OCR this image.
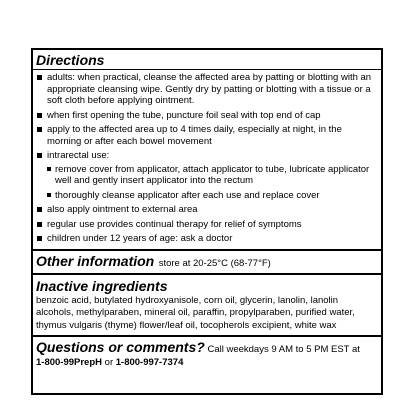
Directions
adults: when practical, cleanse the affected area by patting or blotting with an appropriate cleansing wipe. Gently dry by patting or blotting with a tissue or a soft cloth before applying ointment.
when first opening the tube, puncture foil seal with top end of cap
apply to the affected area up to 4 times daily, especially at night, in the morning or after each bowel movement
intrarectal use:
remove cover from applicator, attach applicator to tube, lubricate applicator well and gently insert applicator into the rectum
thoroughly cleanse applicator after each use and replace cover
also apply ointment to external area
regular use provides continual therapy for relief of symptoms
children under 12 years of age: ask a doctor
Other information store at 20-25°C (68-77°F)
Inactive ingredients

benzoic acid, butylated hydroxyanisole, corn oil, glycerin, lanolin, lanolin alcohols, methylparaben, mineral oil, paraffin, propylparaben, purified water, thymus vulgaris (thyme) flower/leaf oil, tocopherols excipient, white wax

Questions or comments? Call weekdays 9 AM to 5 PM EST at
1-800-99PrepH or 1-800-997-7374
